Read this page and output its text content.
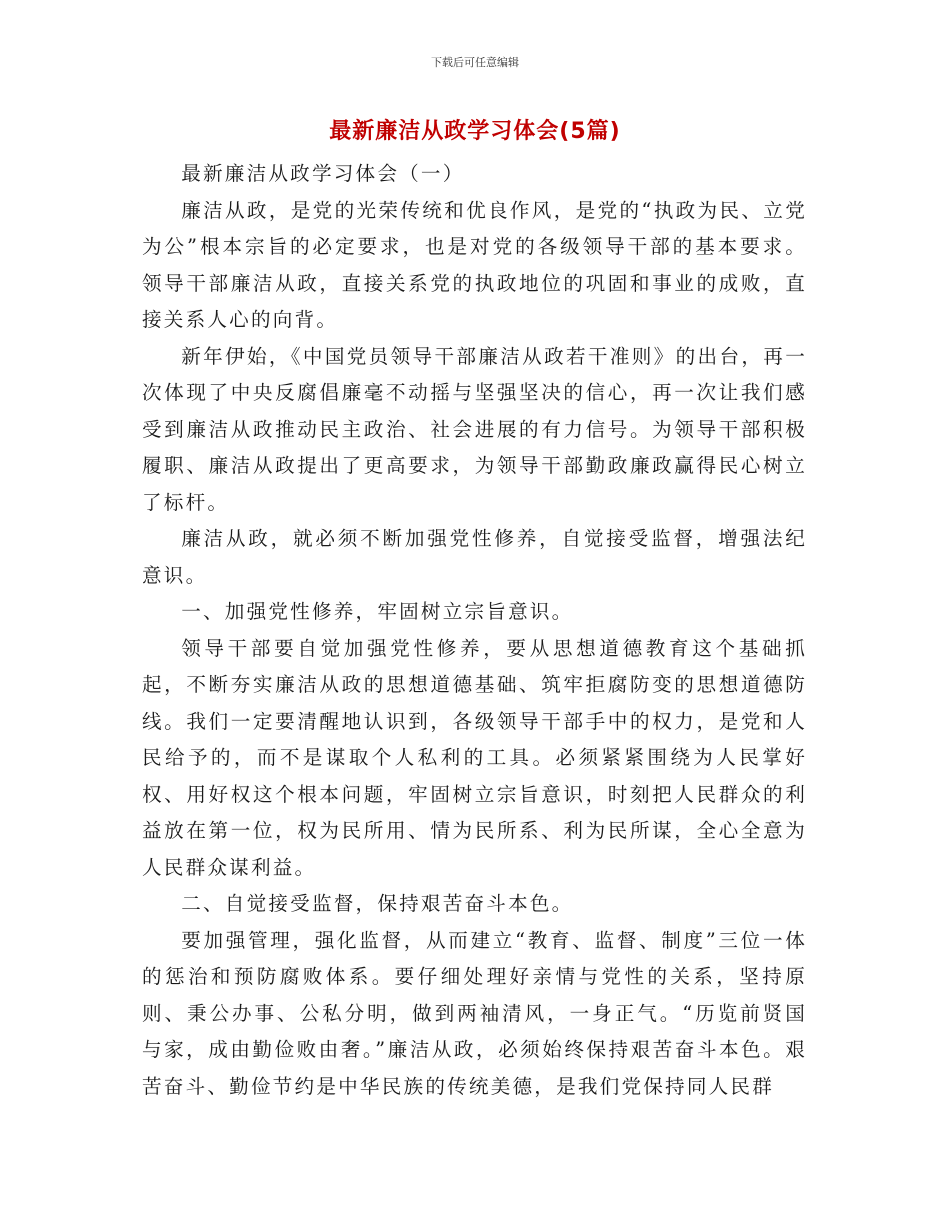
下载后可任意编辑
最新廉洁从政学习体会(5篇)

最新廉洁从政学习体会（一）

廉洁从政，是党的光荣传统和优良作风，是党的“执政为民、立党为公”根本宗旨的必定要求，也是对党的各级领导干部的基本要求。领导干部廉洁从政，直接关系党的执政地位的巩固和事业的成败，直接关系人心的向背。

新年伊始，《中国党员领导干部廉洁从政若干准则》的出台，再一次体现了中央反腐倡廉毫不动摇与坚强坚决的信心，再一次让我们感受到廉洁从政推动民主政治、社会进展的有力信号。为领导干部积极履职、廉洁从政提出了更高要求，为领导干部勤政廉政赢得民心树立了标杆。

廉洁从政，就必须不断加强党性修养，自觉接受监督，增强法纪意识。

一、加强党性修养，牢固树立宗旨意识。

领导干部要自觉加强党性修养，要从思想道德教育这个基础抓起，不断夯实廉洁从政的思想道德基础、筑牢拒腐防变的思想道德防线。我们一定要清醒地认识到，各级领导干部手中的权力，是党和人民给予的，而不是谋取个人私利的工具。必须紧紧围绕为人民掌好权、用好权这个根本问题，牢固树立宗旨意识，时刻把人民群众的利益放在第一位，权为民所用、情为民所系、利为民所谋，全心全意为人民群众谋利益。

二、自觉接受监督，保持艰苦奋斗本色。

要加强管理，强化监督，从而建立“教育、监督、制度”三位一体的惩治和预防腐败体系。要仔细处理好亲情与党性的关系，坚持原则、秉公办事、公私分明，做到两袖清风，一身正气。“历览前贤国与家，成由勤俭败由奢。”廉洁从政，必须始终保持艰苦奋斗本色。艰苦奋斗、勤俭节约是中华民族的传统美德，是我们党保持同人民群
